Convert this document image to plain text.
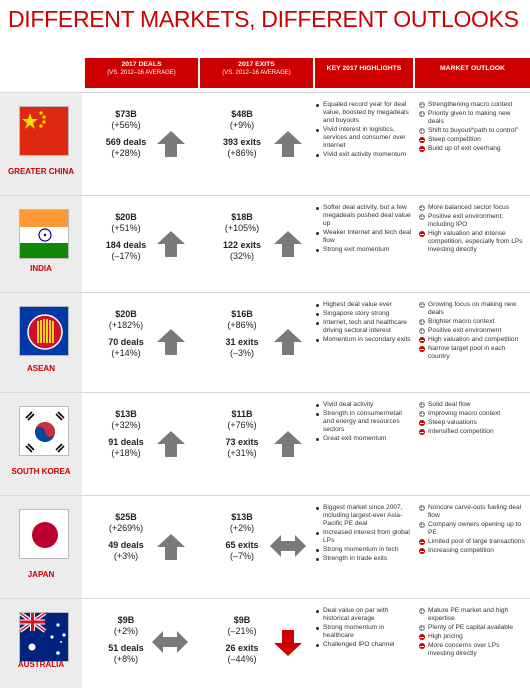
DIFFERENT MARKETS, DIFFERENT OUTLOOKS
2017 DEALS
(VS. 2012–16 AVERAGE)
2017 EXITS
(VS. 2012–16 AVERAGE)
KEY 2017 HIGHLIGHTS	MARKET OUTLOOK
GREATER CHINA
$73B
(+56%)
569 deals
(+28%)
$48B
(+9%)
393 exits
(+86%)
Equaled record year for deal value, boosted by megadeals and buyouts
Vivid interest in logistics, services and consumer over Internet
Vivid exit activity momentum
Strengthening macro context
Priority given to making new deals
Shift to buyout/“path to control”
Steep competition
Build up of exit overhang
INDIA
$20B
(+51%)
184 deals
(–17%)
$18B
(+105%)
122 exits
(32%)
Softer deal activity, but a few megadeals pushed deal value up
Weaker Internet and tech deal flow
Strong exit momentum
More balanced sector focus
Positive exit environment, including IPO
High valuation and intense competition, especially from LPs investing directly
ASEAN
$20B
(+182%)
70 deals
(+14%)
$16B
(+86%)
31 exits
(–3%)
Highest deal value ever
Singapore story strong
Internet, tech and healthcare driving sectoral interest
Momentum in secondary exits
Growing focus on making new deals
Brighter macro context
Positive exit environment
High valuation and competition
Narrow target pool in each country
SOUTH KOREA
$13B
(+32%)
91 deals
(+18%)
$11B
(+76%)
73 exits
(+31%)
Vivid deal activity
Strength in consumer/retail and energy and resources sectors
Great exit momentum
Solid deal flow
Improving macro context
Steep valuations
Intensified competition
JAPAN
$25B
(+269%)
49 deals
(+3%)
$13B
(+2%)
65 exits
(–7%)
Biggest market since 2007, including largest-ever Asia-Pacific PE deal
Increased interest from global LPs
Strong momentum in tech
Strength in trade exits
Noncore carve-outs fueling deal flow
Company owners opening up to PE
Limited pool of large transactions
Increasing competition
AUSTRALIA
$9B
(+2%)
51 deals
(+8%)
$9B
(–21%)
26 exits
(–44%)
Deal value on par with historical average
Strong momentum in healthcare
Challenged IPO channel
Mature PE market and high expertise
Plenty of PE capital available
High pricing
More concerns over LPs investing directly
